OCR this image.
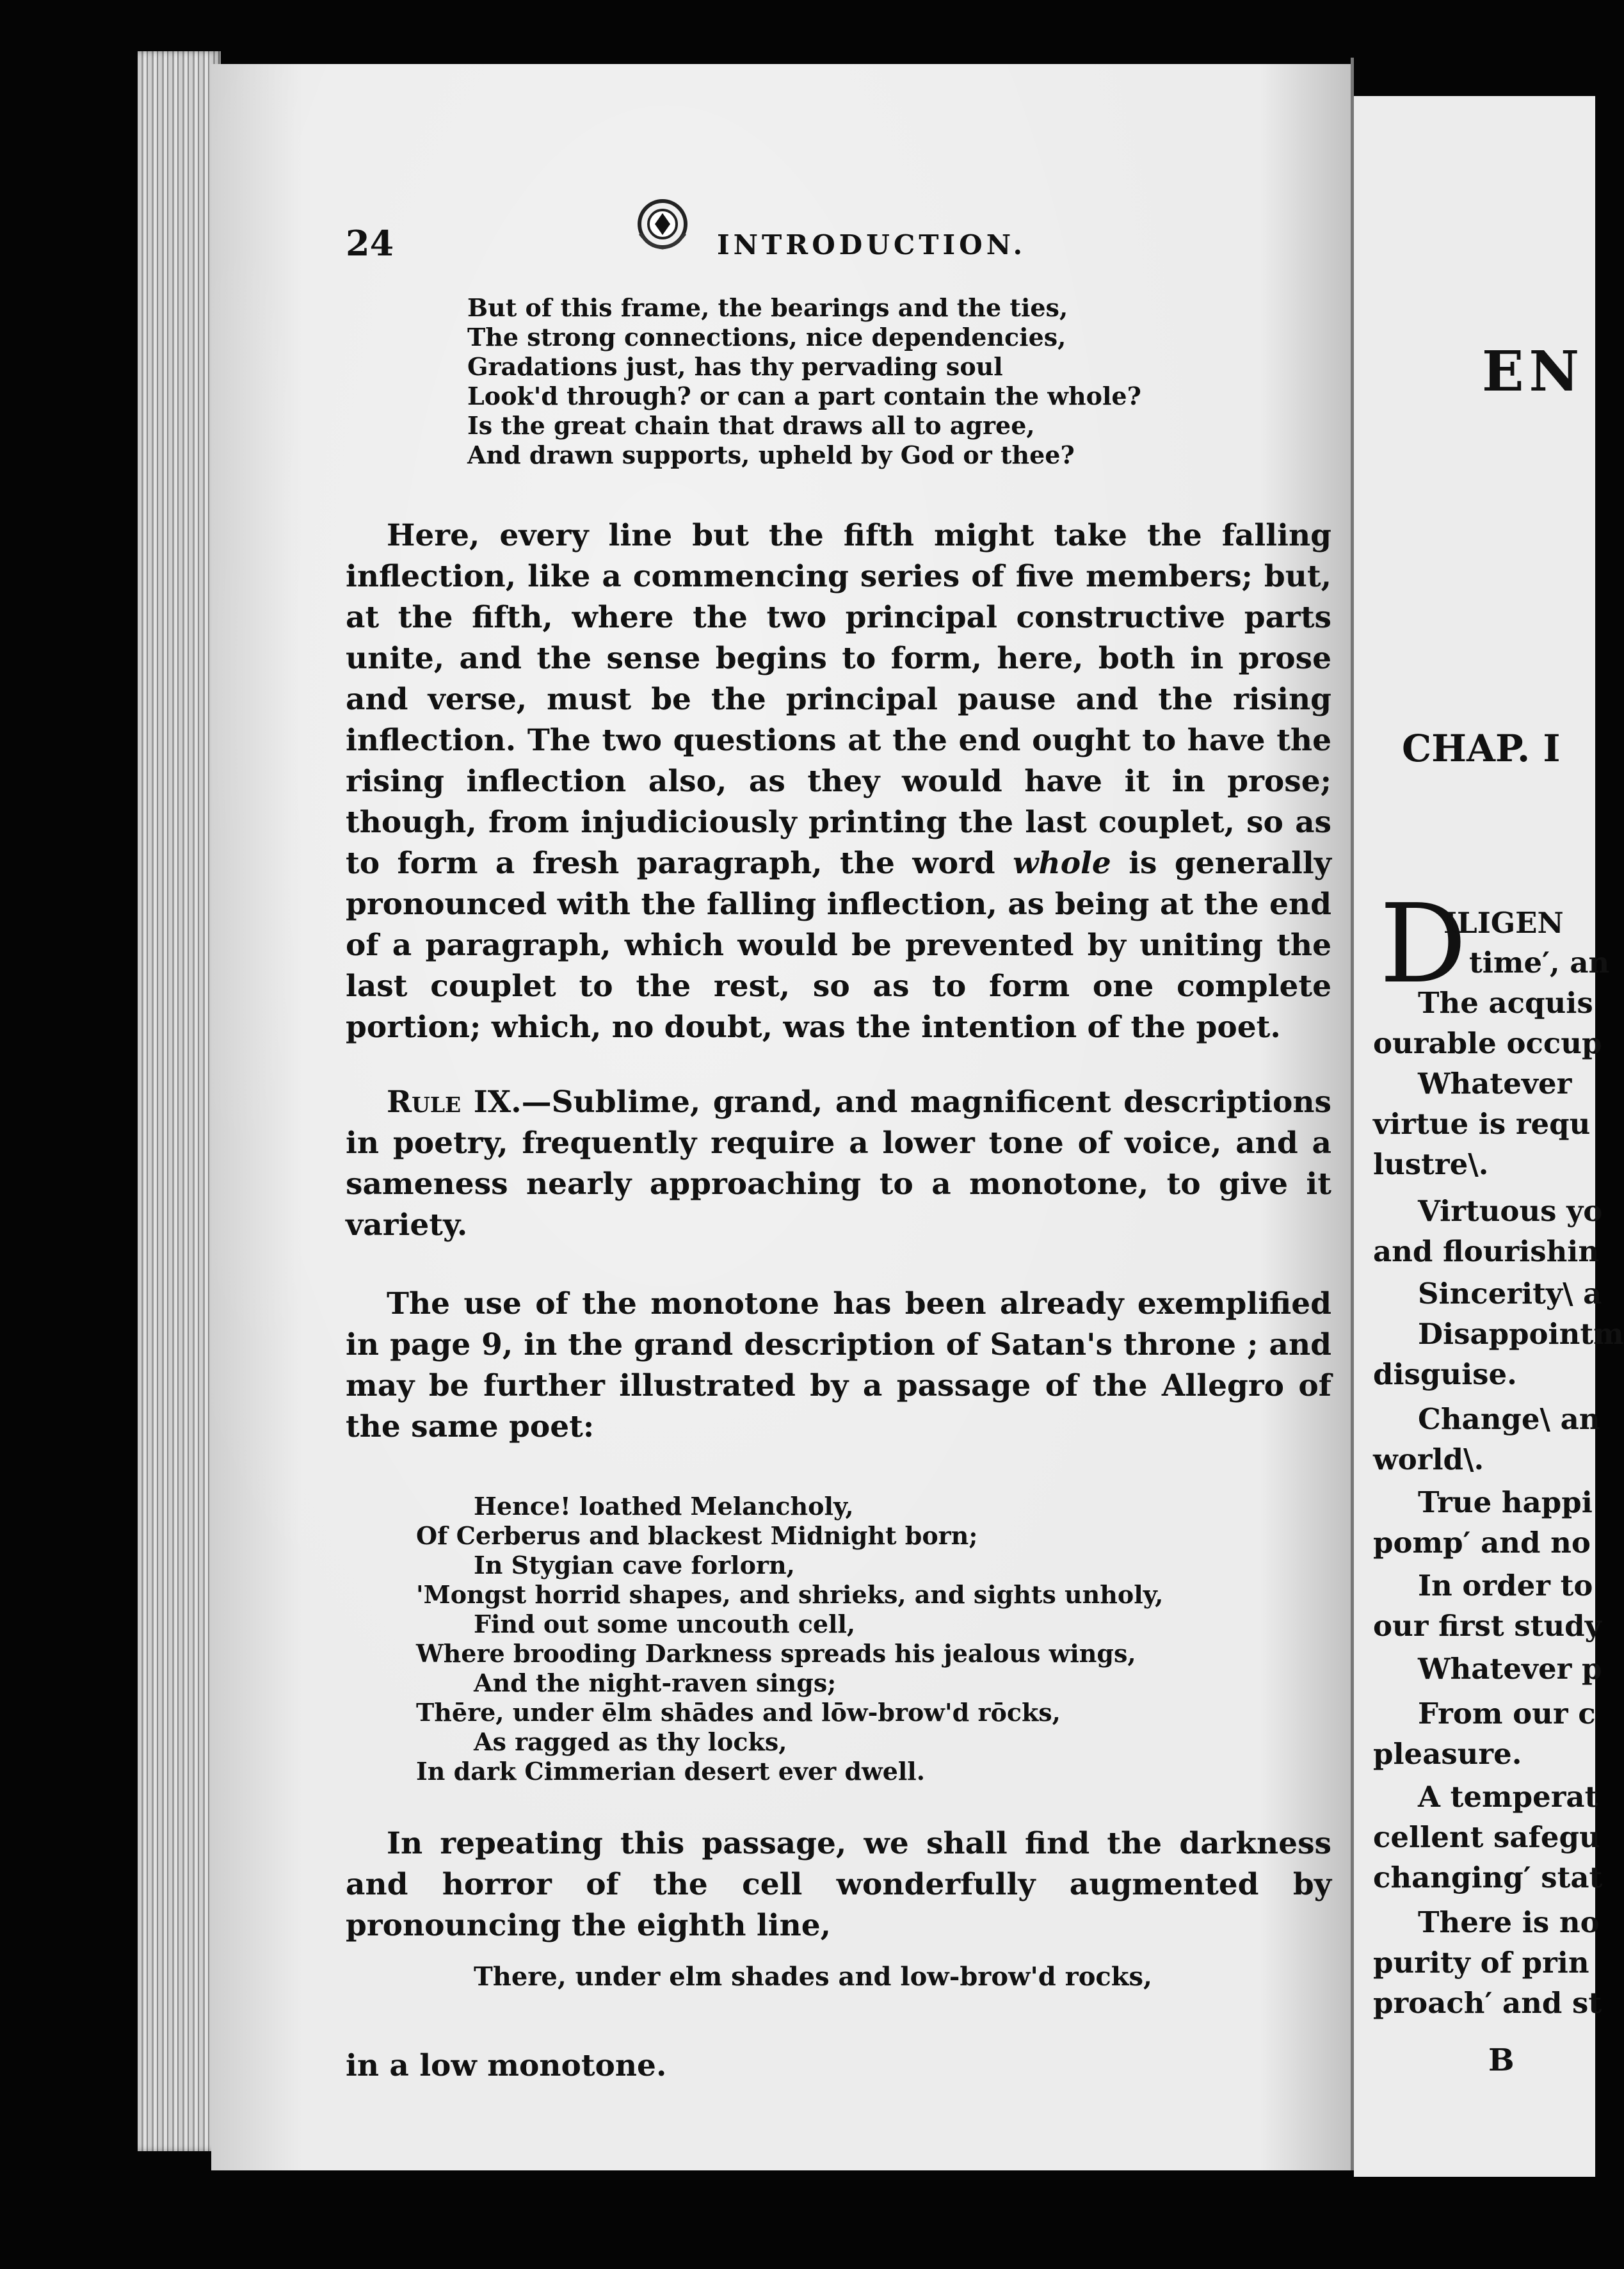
24	INTRODUCTION.
But of this frame, the bearings and the ties,
The strong connections, nice dependencies,
Gradations just, has thy pervading soul
Look'd through? or can a part contain the whole?
Is the great chain that draws all to agree,
And drawn supports, upheld by God or thee?

Here, every line but the fifth might take the falling inflection, like a commencing series of five members; but, at the fifth, where the two principal constructive parts unite, and the sense begins to form, here, both in prose and verse, must be the principal pause and the rising inflection. The two questions at the end ought to have the rising inflection also, as they would have it in prose; though, from injudiciously printing the last couplet, so as to form a fresh paragraph, the word whole is generally pronounced with the falling inflection, as being at the end of a paragraph, which would be prevented by uniting the last couplet to the rest, so as to form one complete portion; which, no doubt, was the intention of the poet.

Rule IX.—Sublime, grand, and magnificent descriptions in poetry, frequently require a lower tone of voice, and a sameness nearly approaching to a monotone, to give it variety.

The use of the monotone has been already exemplified in page 9, in the grand description of Satan's throne ; and may be further illustrated by a passage of the Allegro of the same poet:

Hence! loathed Melancholy,
Of Cerberus and blackest Midnight born;
In Stygian cave forlorn,
'Mongst horrid shapes, and shrieks, and sights unholy,
Find out some uncouth cell,
Where brooding Darkness spreads his jealous wings,
And the night-raven sings;
Thēre, under ēlm shādes and lōw-brow'd rōcks,
As ragged as thy locks,
In dark Cimmerian desert ever dwell.

In repeating this passage, we shall find the darkness and horror of the cell wonderfully augmented by pronouncing the eighth line,

There, under elm shades and low-brow'd rocks,

in a low monotone.

EN
CHAP. I
D
ILIGEN
time′, an
The acquis
ourable occup
Whatever
virtue is requ
lustre\.
Virtuous yo
and flourishin
Sincerity\ a
Disappointm
disguise.
Change\ an
world\.
True happi
pomp′ and no
In order to
our first study
Whatever p
From our c
pleasure.
A temperat
cellent safegu
changing′ stat
There is no
purity of prin
proach′ and st
B
